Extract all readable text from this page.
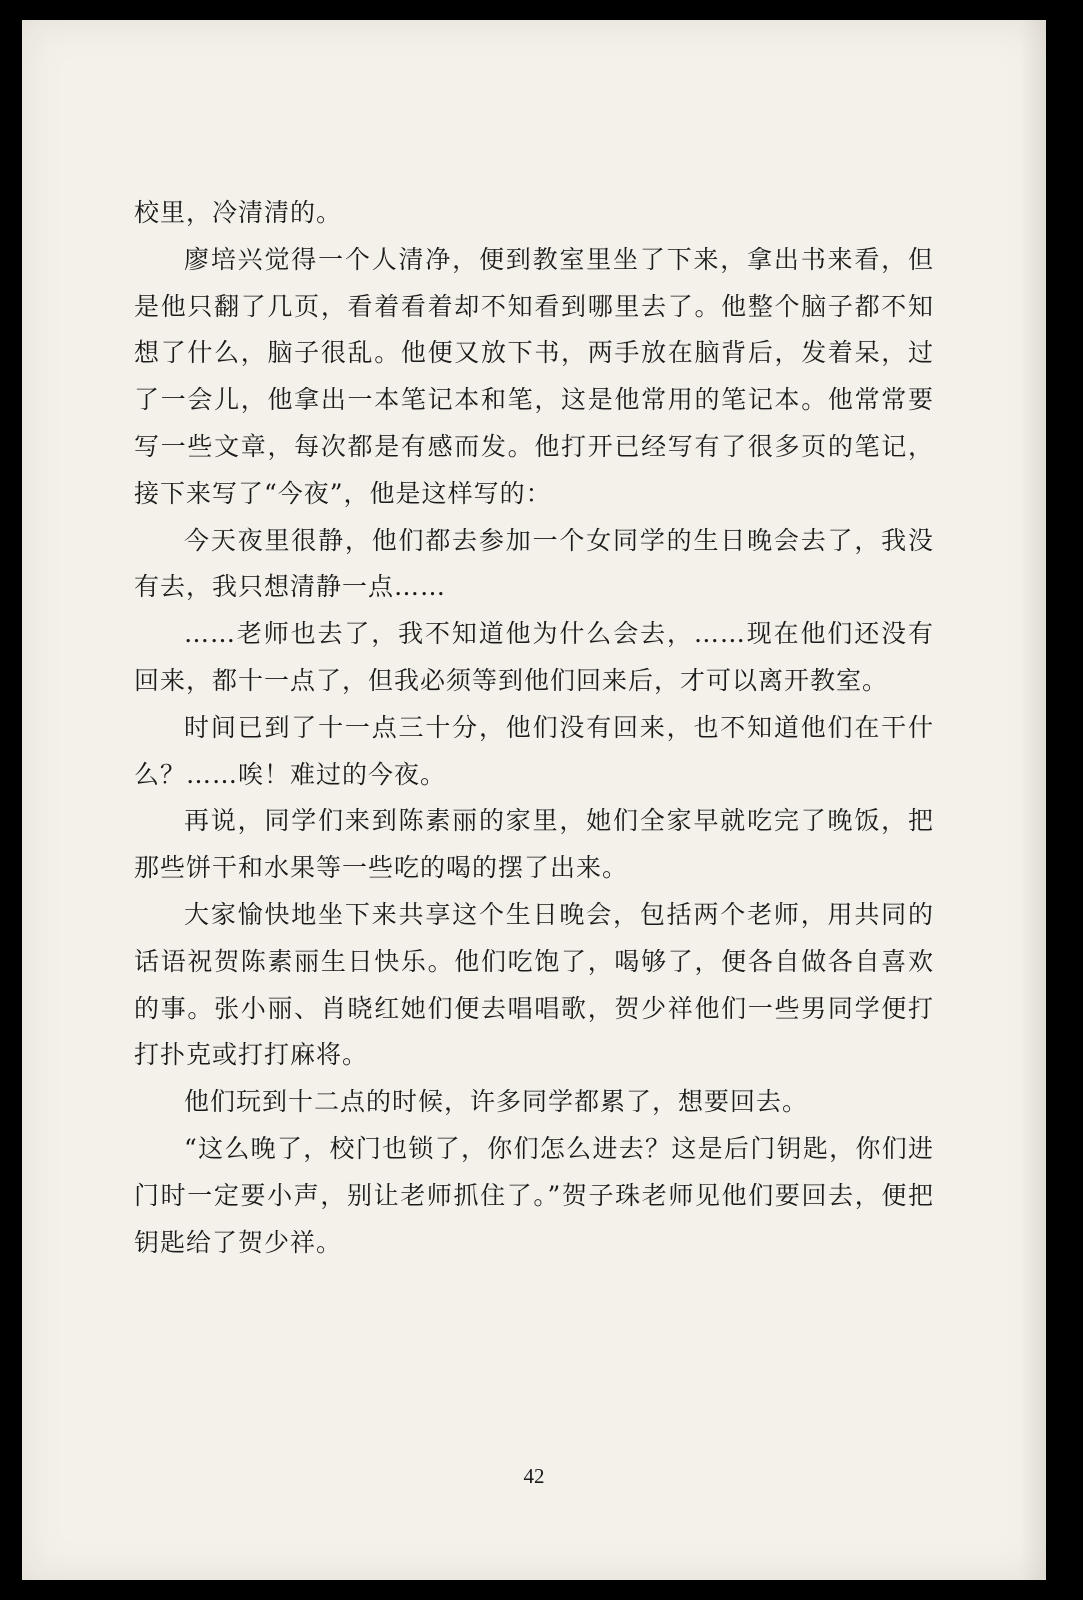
校里，冷清清的。

廖培兴觉得一个人清净，便到教室里坐了下来，拿出书来看，但是他只翻了几页，看着看着却不知看到哪里去了。他整个脑子都不知想了什么，脑子很乱。他便又放下书，两手放在脑背后，发着呆，过了一会儿，他拿出一本笔记本和笔，这是他常用的笔记本。他常常要写一些文章，每次都是有感而发。他打开已经写有了很多页的笔记，接下来写了“今夜”，他是这样写的：

今天夜里很静，他们都去参加一个女同学的生日晚会去了，我没有去，我只想清静一点……

……老师也去了，我不知道他为什么会去，……现在他们还没有回来，都十一点了，但我必须等到他们回来后，才可以离开教室。

时间已到了十一点三十分，他们没有回来，也不知道他们在干什么？……唉！难过的今夜。

再说，同学们来到陈素丽的家里，她们全家早就吃完了晚饭，把那些饼干和水果等一些吃的喝的摆了出来。

大家愉快地坐下来共享这个生日晚会，包括两个老师，用共同的话语祝贺陈素丽生日快乐。他们吃饱了，喝够了，便各自做各自喜欢的事。张小丽、肖晓红她们便去唱唱歌，贺少祥他们一些男同学便打打扑克或打打麻将。

他们玩到十二点的时候，许多同学都累了，想要回去。

“这么晚了，校门也锁了，你们怎么进去？这是后门钥匙，你们进门时一定要小声，别让老师抓住了。”贺子珠老师见他们要回去，便把钥匙给了贺少祥。

42
